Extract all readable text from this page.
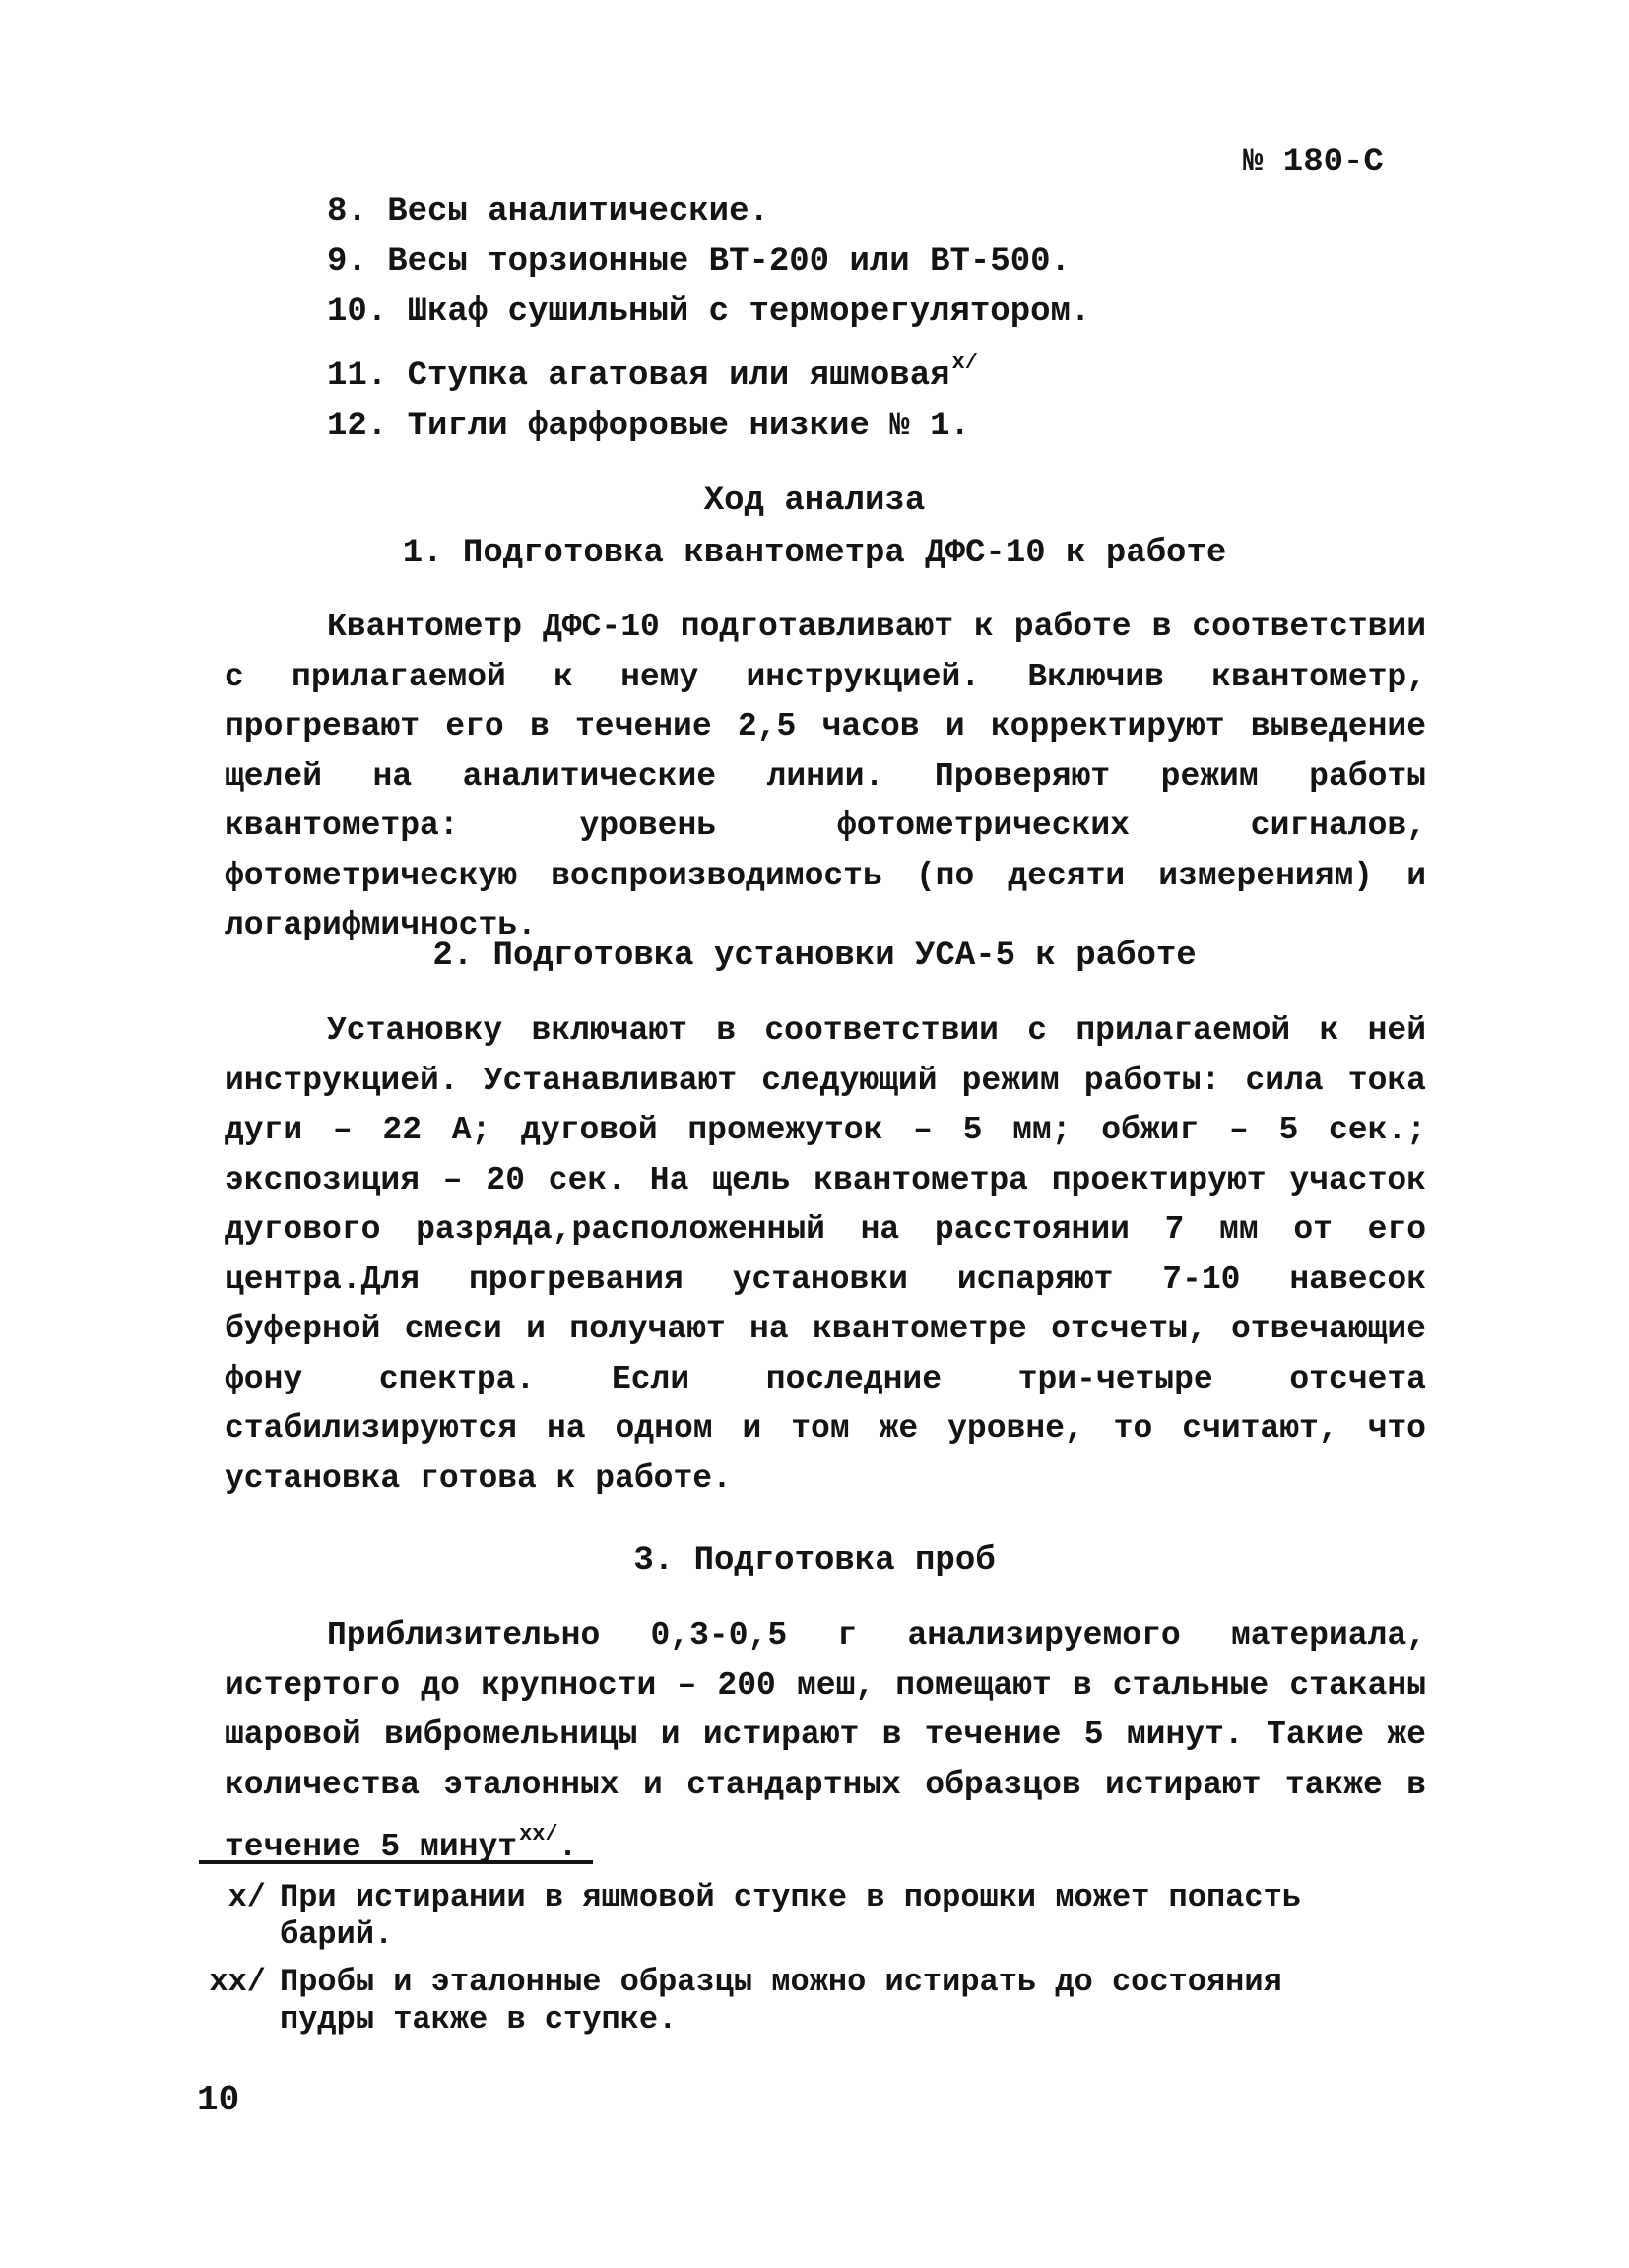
№ 180-С
8. Весы аналитические.
9. Весы торзионные ВТ-200 или ВТ-500.
10. Шкаф сушильный с терморегулятором.
11. Ступка агатовая или яшмовая$^{x/}$
12. Тигли фарфоровые низкие № 1.
Ход анализа
1. Подготовка квантометра ДФС-10 к работе
Квантометр ДФС-10 подготавливают к работе в соответствии с прилагаемой к нему инструкцией. Включив квантометр, прогревают его в течение 2,5 часов и корректируют выведение щелей на аналитические линии. Проверяют режим работы квантометра: уровень фотометрических сигналов, фотометрическую воспроизводимость (по десяти измерениям) и логарифмичность.
2. Подготовка установки УСА-5 к работе
Установку включают в соответствии с прилагаемой к ней инструкцией. Устанавливают следующий режим работы: сила тока дуги – 22 А; дуговой промежуток – 5 мм; обжиг – 5 сек.; экспозиция – 20 сек. На щель квантометра проектируют участок дугового разряда,расположенный на расстоянии 7 мм от его центра.Для прогревания установки испаряют 7-10 навесок буферной смеси и получают на квантометре отсчеты, отвечающие фону спектра. Если последние три-четыре отсчета стабилизируются на одном и том же уровне, то считают, что установка готова к работе.
3. Подготовка проб
Приблизительно 0,3-0,5 г анализируемого материала, истертого до крупности – 200 меш, помещают в стальные стаканы шаровой вибромельницы и истирают в течение 5 минут. Такие же количества эталонных и стандартных образцов истирают также в течение 5 минут$^{xx/}$.
х/ При истирании в яшмовой ступке в порошки может попасть барий.
хх/ Пробы и эталонные образцы можно истирать до состояния пудры также в ступке.
10
